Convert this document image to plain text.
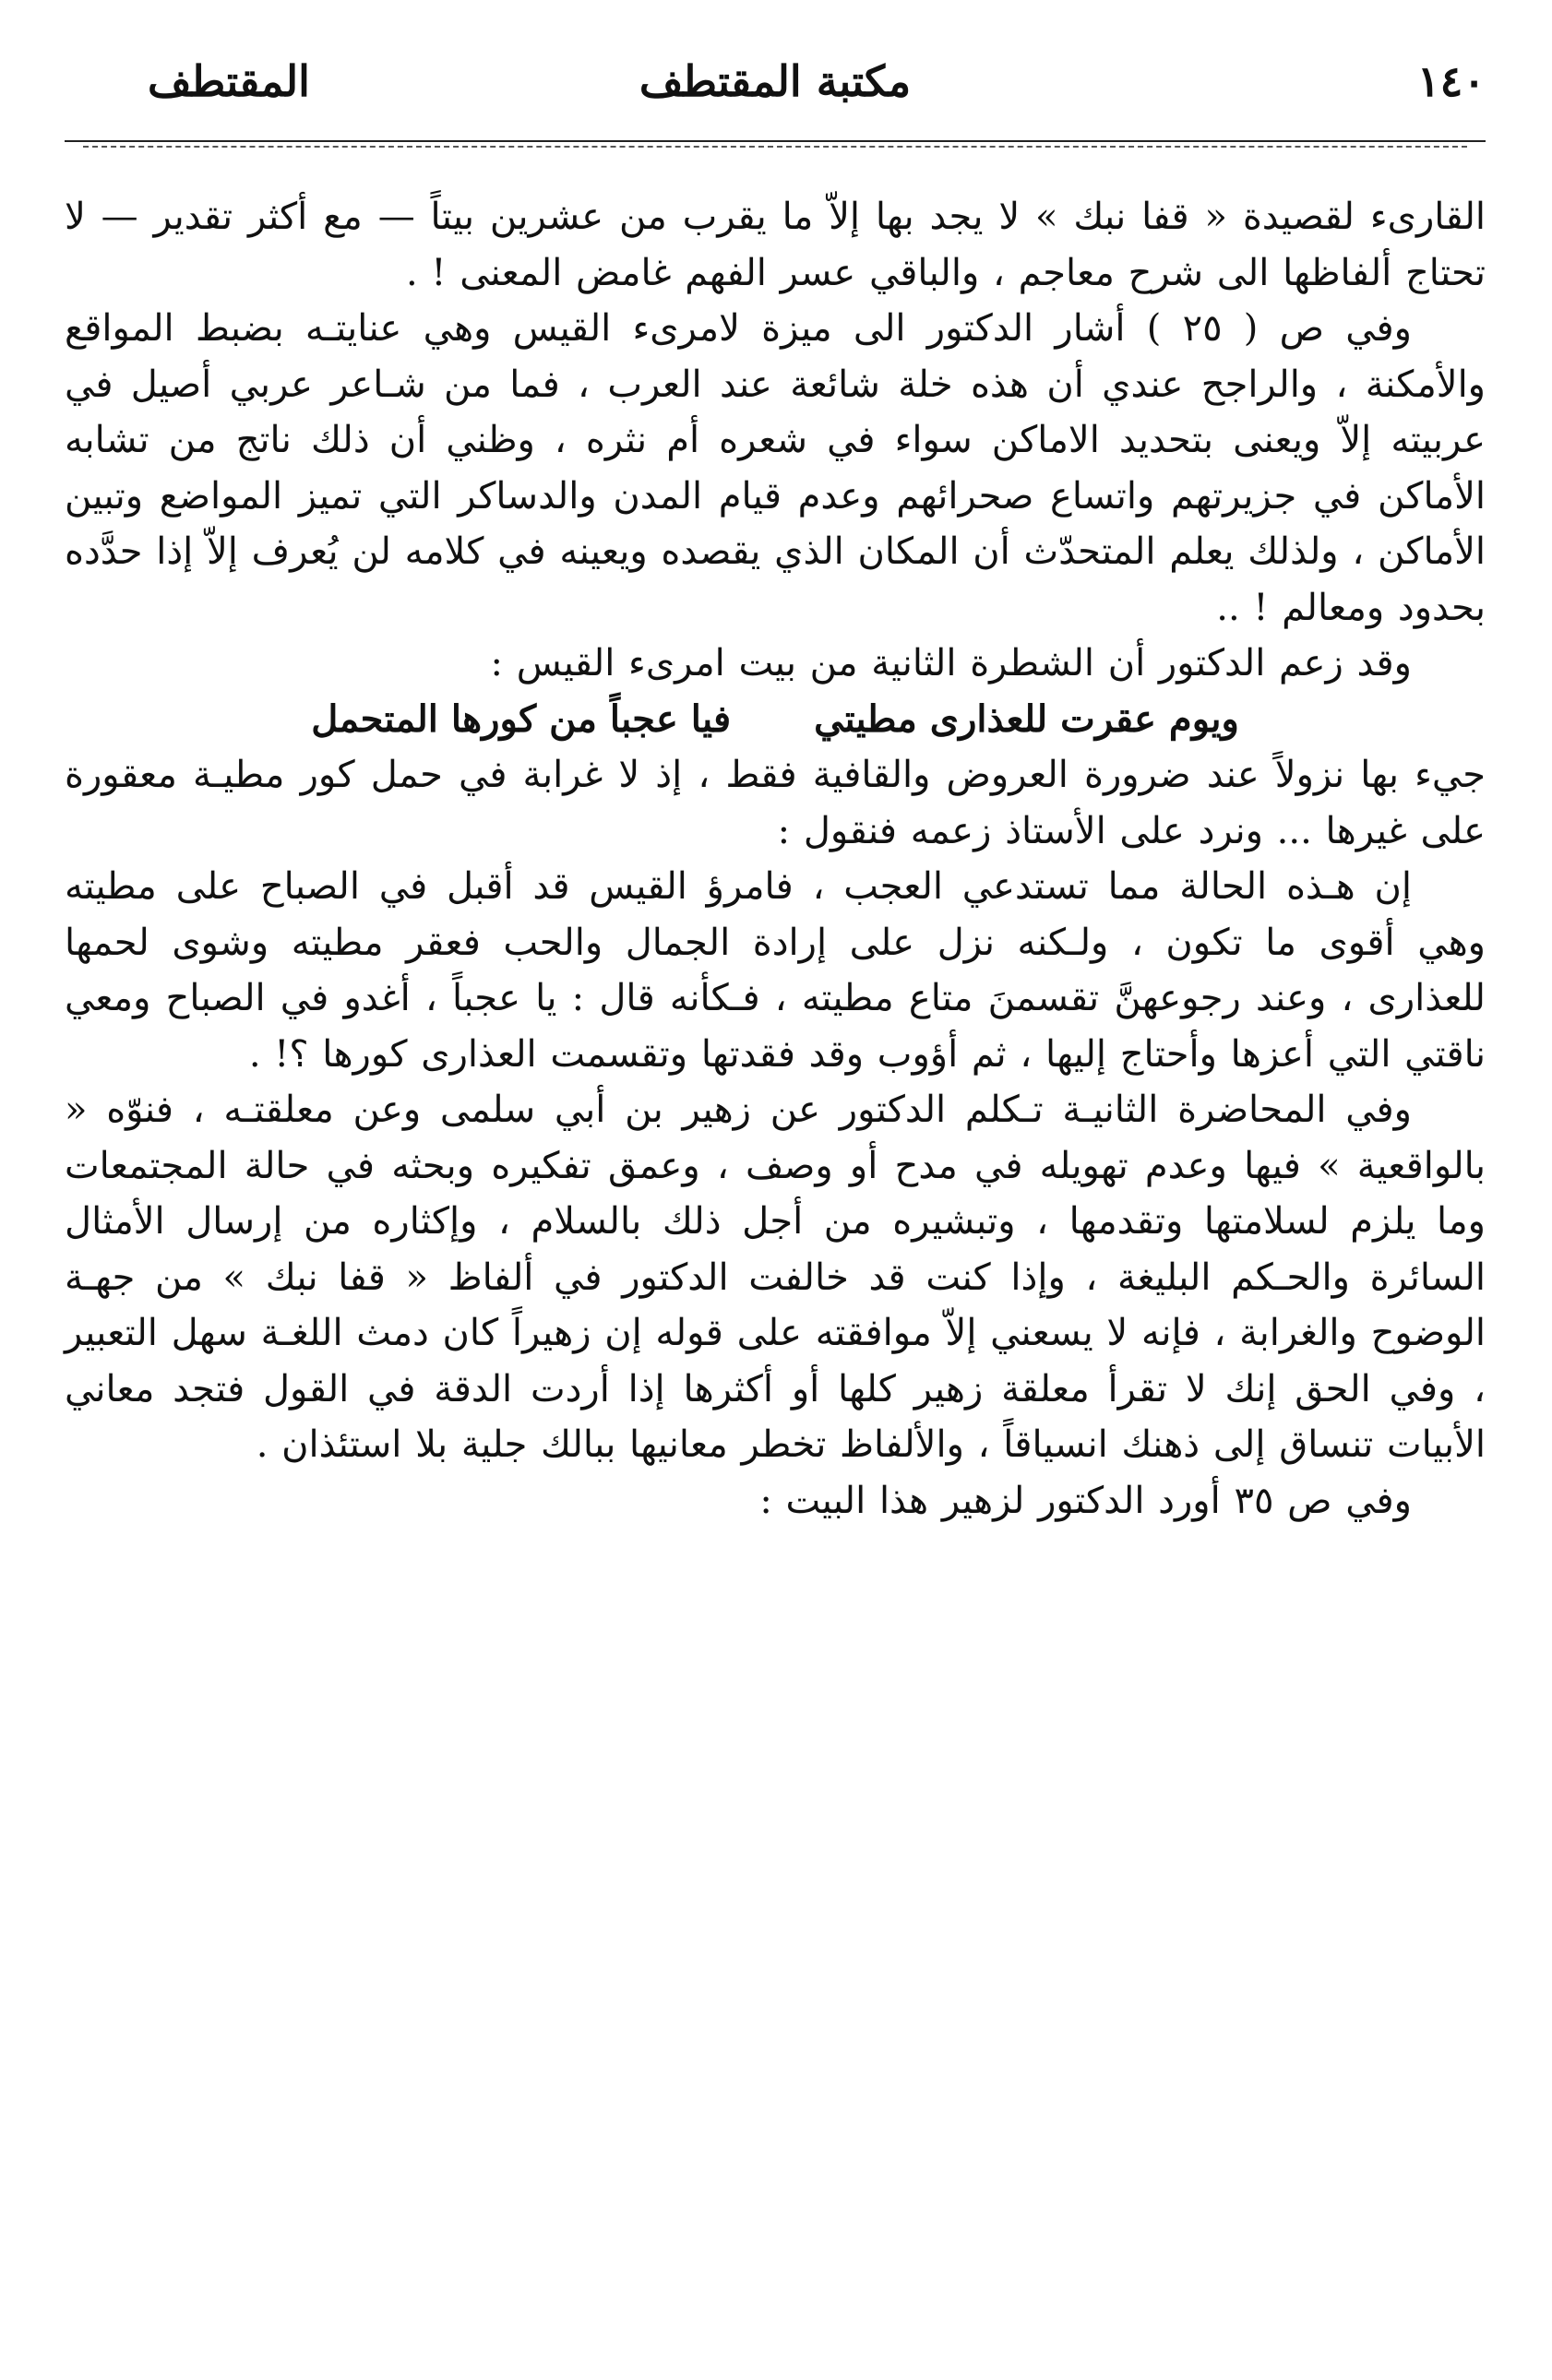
١٤٠
مكتبة المقتطف
المقتطف

القارىء لقصيدة « قفا نبك » لا يجد بها إلاّ ما يقرب من عشرين بيتاً — مع أكثر تقدير — لا تحتاج ألفاظها الى شرح معاجم ، والباقي عسر الفهم غامض المعنى ! .

وفي ص ( ٢٥ ) أشار الدكتور الى ميزة لامرىء القيس وهي عنايتـه بضبط المواقع والأمكنة ، والراجح عندي أن هذه خلة شائعة عند العرب ، فما من شـاعر عربي أصيل في عربيته إلاّ ويعنى بتحديد الاماكن سواء في شعره أم نثره ، وظني أن ذلك ناتج من تشابه الأماكن في جزيرتهم واتساع صحرائهم وعدم قيام المدن والدساكر التي تميز المواضع وتبين الأماكن ، ولذلك يعلم المتحدّث أن المكان الذي يقصده ويعينه في كلامه لن يُعرف إلاّ إذا حدَّده بحدود ومعالم ! ..

وقد زعم الدكتور أن الشطرة الثانية من بيت امرىء القيس :

ويوم عقرت للعذارى مطيتي
فيا عجباً من كورها المتحمل

جيء بها نزولاً عند ضرورة العروض والقافية فقط ، إذ لا غرابة في حمل كور مطيـة معقورة على غيرها ... ونرد على الأستاذ زعمه فنقول :

إن هـذه الحالة مما تستدعي العجب ، فامرؤ القيس قد أقبل في الصباح على مطيته وهي أقوى ما تكون ، ولـكنه نزل على إرادة الجمال والحب فعقر مطيته وشوى لحمها للعذارى ، وعند رجوعهنَّ تقسمنَ متاع مطيته ، فـكأنه قال : يا عجباً ، أغدو في الصباح ومعي ناقتي التي أعزها وأحتاج إليها ، ثم أؤوب وقد فقدتها وتقسمت العذارى كورها ؟! .

وفي المحاضرة الثانيـة تـكلم الدكتور عن زهير بن أبي سلمى وعن معلقتـه ، فنوّه « بالواقعية » فيها وعدم تهويله في مدح أو وصف ، وعمق تفكيره وبحثه في حالة المجتمعات وما يلزم لسلامتها وتقدمها ، وتبشيره من أجل ذلك بالسلام ، وإكثاره من إرسال الأمثال السائرة والحـكم البليغة ، وإذا كنت قد خالفت الدكتور في ألفاظ « قفا نبك » من جهـة الوضوح والغرابة ، فإنه لا يسعني إلاّ موافقته على قوله إن زهيراً كان دمث اللغـة سهل التعبير ، وفي الحق إنك لا تقرأ معلقة زهير كلها أو أكثرها إذا أردت الدقة في القول فتجد معاني الأبيات تنساق إلى ذهنك انسياقاً ، والألفاظ تخطر معانيها ببالك جلية بلا استئذان .

وفي ص ٣٥ أورد الدكتور لزهير هذا البيت :
